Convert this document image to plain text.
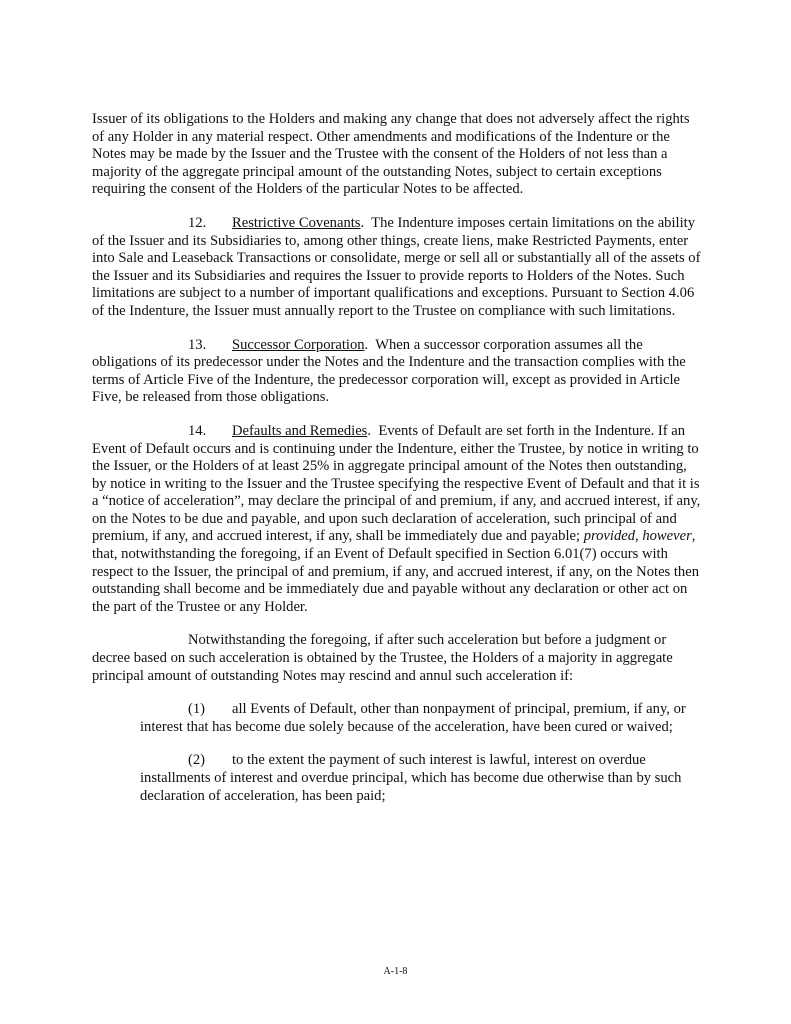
Issuer of its obligations to the Holders and making any change that does not adversely affect the rights of any Holder in any material respect. Other amendments and modifications of the Indenture or the Notes may be made by the Issuer and the Trustee with the consent of the Holders of not less than a majority of the aggregate principal amount of the outstanding Notes, subject to certain exceptions requiring the consent of the Holders of the particular Notes to be affected.

12. Restrictive Covenants.  The Indenture imposes certain limitations on the ability of the Issuer and its Subsidiaries to, among other things, create liens, make Restricted Payments, enter into Sale and Leaseback Transactions or consolidate, merge or sell all or substantially all of the assets of the Issuer and its Subsidiaries and requires the Issuer to provide reports to Holders of the Notes. Such limitations are subject to a number of important qualifications and exceptions. Pursuant to Section 4.06 of the Indenture, the Issuer must annually report to the Trustee on compliance with such limitations.

13. Successor Corporation.  When a successor corporation assumes all the obligations of its predecessor under the Notes and the Indenture and the transaction complies with the terms of Article Five of the Indenture, the predecessor corporation will, except as provided in Article Five, be released from those obligations.

14. Defaults and Remedies.  Events of Default are set forth in the Indenture. If an Event of Default occurs and is continuing under the Indenture, either the Trustee, by notice in writing to the Issuer, or the Holders of at least 25% in aggregate principal amount of the Notes then outstanding, by notice in writing to the Issuer and the Trustee specifying the respective Event of Default and that it is a “notice of acceleration”, may declare the principal of and premium, if any, and accrued interest, if any, on the Notes to be due and payable, and upon such declaration of acceleration, such principal of and premium, if any, and accrued interest, if any, shall be immediately due and payable; provided, however, that, notwithstanding the foregoing, if an Event of Default specified in Section 6.01(7) occurs with respect to the Issuer, the principal of and premium, if any, and accrued interest, if any, on the Notes then outstanding shall become and be immediately due and payable without any declaration or other act on the part of the Trustee or any Holder.

Notwithstanding the foregoing, if after such acceleration but before a judgment or decree based on such acceleration is obtained by the Trustee, the Holders of a majority in aggregate principal amount of outstanding Notes may rescind and annul such acceleration if:

(1) all Events of Default, other than nonpayment of principal, premium, if any, or interest that has become due solely because of the acceleration, have been cured or waived;

(2) to the extent the payment of such interest is lawful, interest on overdue installments of interest and overdue principal, which has become due otherwise than by such declaration of acceleration, has been paid;

A-1-8
